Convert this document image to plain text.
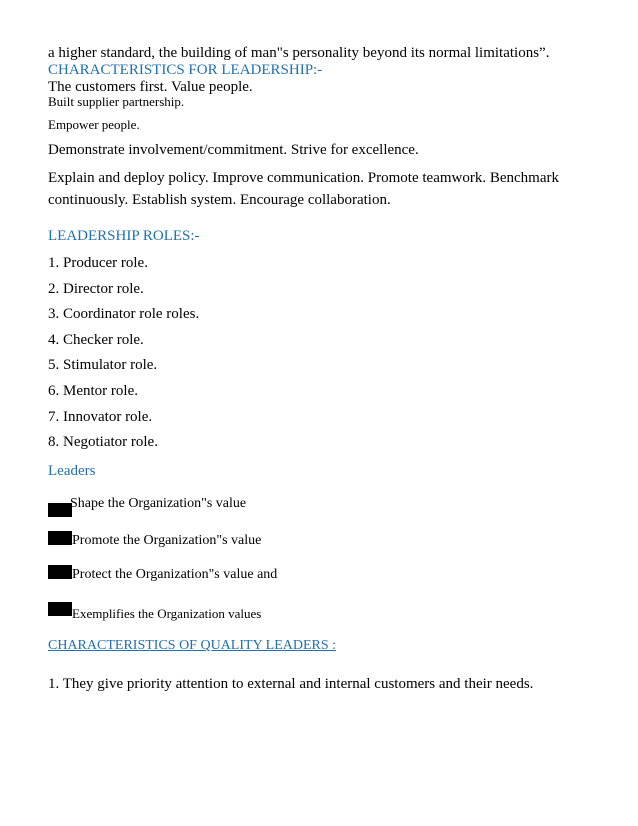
a higher standard, the building of man"s personality beyond its normal limitations”.
CHARACTERISTICS FOR LEADERSHIP:-
The customers first. Value people.
Built supplier partnership.
Empower people.
Demonstrate involvement/commitment. Strive for excellence.
Explain and deploy policy. Improve communication. Promote teamwork. Benchmark
continuously. Establish system. Encourage collaboration.
LEADERSHIP ROLES:-
1. Producer role.
2. Director role.
3. Coordinator role roles.
4. Checker role.
5. Stimulator role.
6. Mentor role.
7. Innovator role.
8. Negotiator role.
Leaders
Shape the Organization"s value
Promote the Organization"s value
Protect the Organization"s value and
Exemplifies the Organization values
CHARACTERISTICS OF QUALITY LEADERS :
1. They give priority attention to external and internal customers and their needs.
